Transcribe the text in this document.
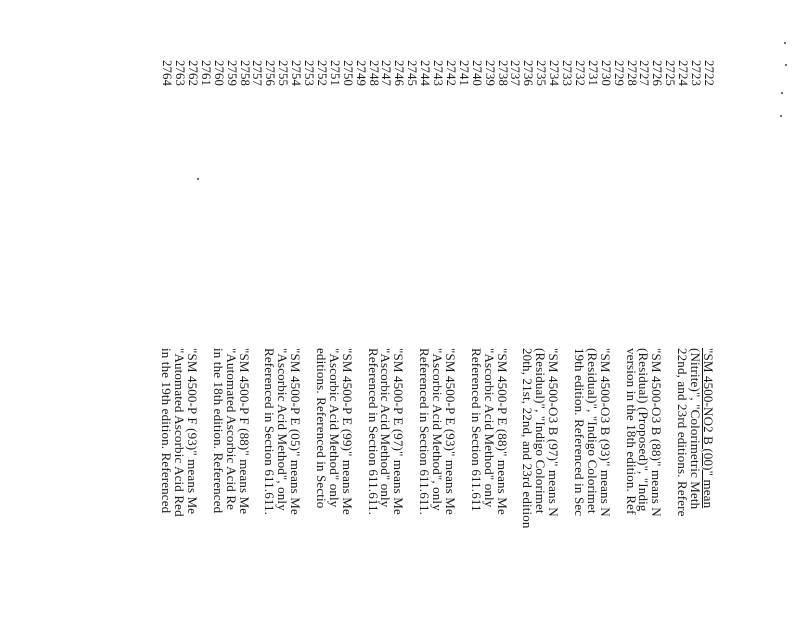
2722
2723
2724
2725
2726
2727
2728
2729
2730
2731
2732
2733
2734
2735
2736
2737
2738
2739
2740
2741
2742
2743
2744
2745
2746
2747
2748
2749
2750
2751
2752
2753
2754
2755
2756
2757
2758
2759
2760
2761
2762
2763
2764
"SM 4500-NO2 B (00)" mean
(Nitrite)", "Colorimetric Meth
22nd, and 23rd editions. Refere
"SM 4500-O3 B (88)" means N
(Residual) (Proposed)", "Indig
version in the 18th edition. Ref
"SM 4500-O3 B (93)" means N
(Residual)", "Indigo Colorimet
19th edition. Referenced in Sec
"SM 4500-O3 B (97)" means N
(Residual)", "Indigo Colorimet
20th, 21st, 22nd, and 23rd edition
"SM 4500-P E (88)" means Me
"Ascorbic Acid Method" only
Referenced in Section 611.611
"SM 4500-P E (93)" means Me
"Ascorbic Acid Method", only
Referenced in Section 611.611.
"SM 4500-P E (97)" means Me
"Ascorbic Acid Method" only
Referenced in Section 611.611.
"SM 4500-P E (99)" means Me
"Ascorbic Acid Method" only
editions. Referenced in Sectio
"SM 4500-P E (05)" means Me
"Ascorbic Acid Method", only
Referenced in Section 611.611.
"SM 4500-P F (88)" means Me
"Automated Ascorbic Acid Re
in the 18th edition. Referenced
"SM 4500-P F (93)" means Me
"Automated Ascorbic Acid Red
in the 19th edition. Referenced
